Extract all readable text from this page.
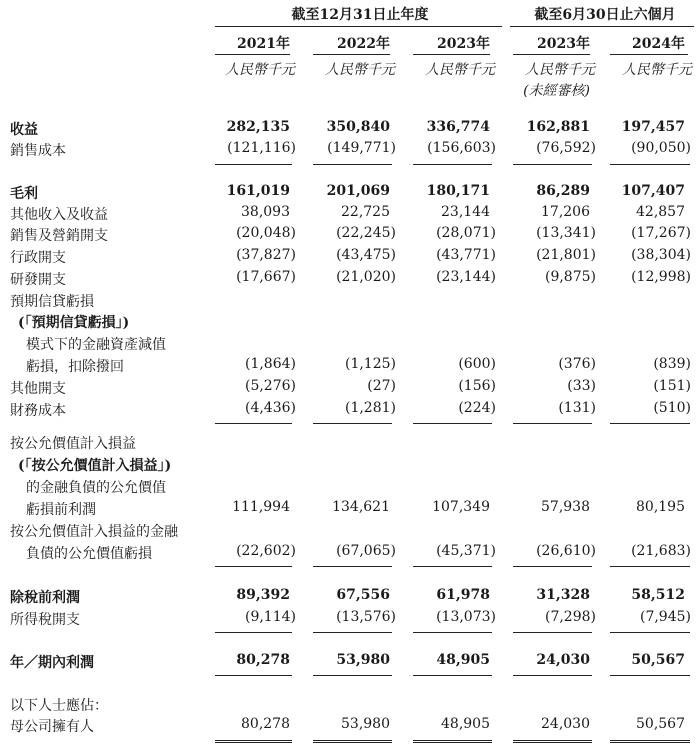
截至12月31日止年度	截至6月30日止六個月
2021年	2022年	2023年	2023年	2024年
人民幣千元	人民幣千元	人民幣千元	人民幣千元	人民幣千元
(未經審核)
收益	282,135	350,840	336,774	162,881	197,457
銷售成本	(121,116)	(149,771)	(156,603)	(76,592)	(90,050)
毛利	161,019	201,069	180,171	86,289	107,407
其他收入及收益	38,093	22,725	23,144	17,206	42,857
銷售及營銷開支	(20,048)	(22,245)	(28,071)	(13,341)	(17,267)
行政開支	(37,827)	(43,475)	(43,771)	(21,801)	(38,304)
研發開支	(17,667)	(21,020)	(23,144)	(9,875)	(12,998)
預期信貸虧損
(「預期信貸虧損」)
模式下的金融資產減值
虧損，扣除撥回	(1,864)	(1,125)	(600)	(376)	(839)
其他開支	(5,276)	(27)	(156)	(33)	(151)
財務成本	(4,436)	(1,281)	(224)	(131)	(510)
按公允價值計入損益
(「按公允價值計入損益」)
的金融負債的公允價值
虧損前利潤	111,994	134,621	107,349	57,938	80,195
按公允價值計入損益的金融
負債的公允價值虧損	(22,602)	(67,065)	(45,371)	(26,610)	(21,683)
除稅前利潤	89,392	67,556	61,978	31,328	58,512
所得稅開支	(9,114)	(13,576)	(13,073)	(7,298)	(7,945)
年／期內利潤	80,278	53,980	48,905	24,030	50,567
以下人士應佔：
母公司擁有人	80,278	53,980	48,905	24,030	50,567
